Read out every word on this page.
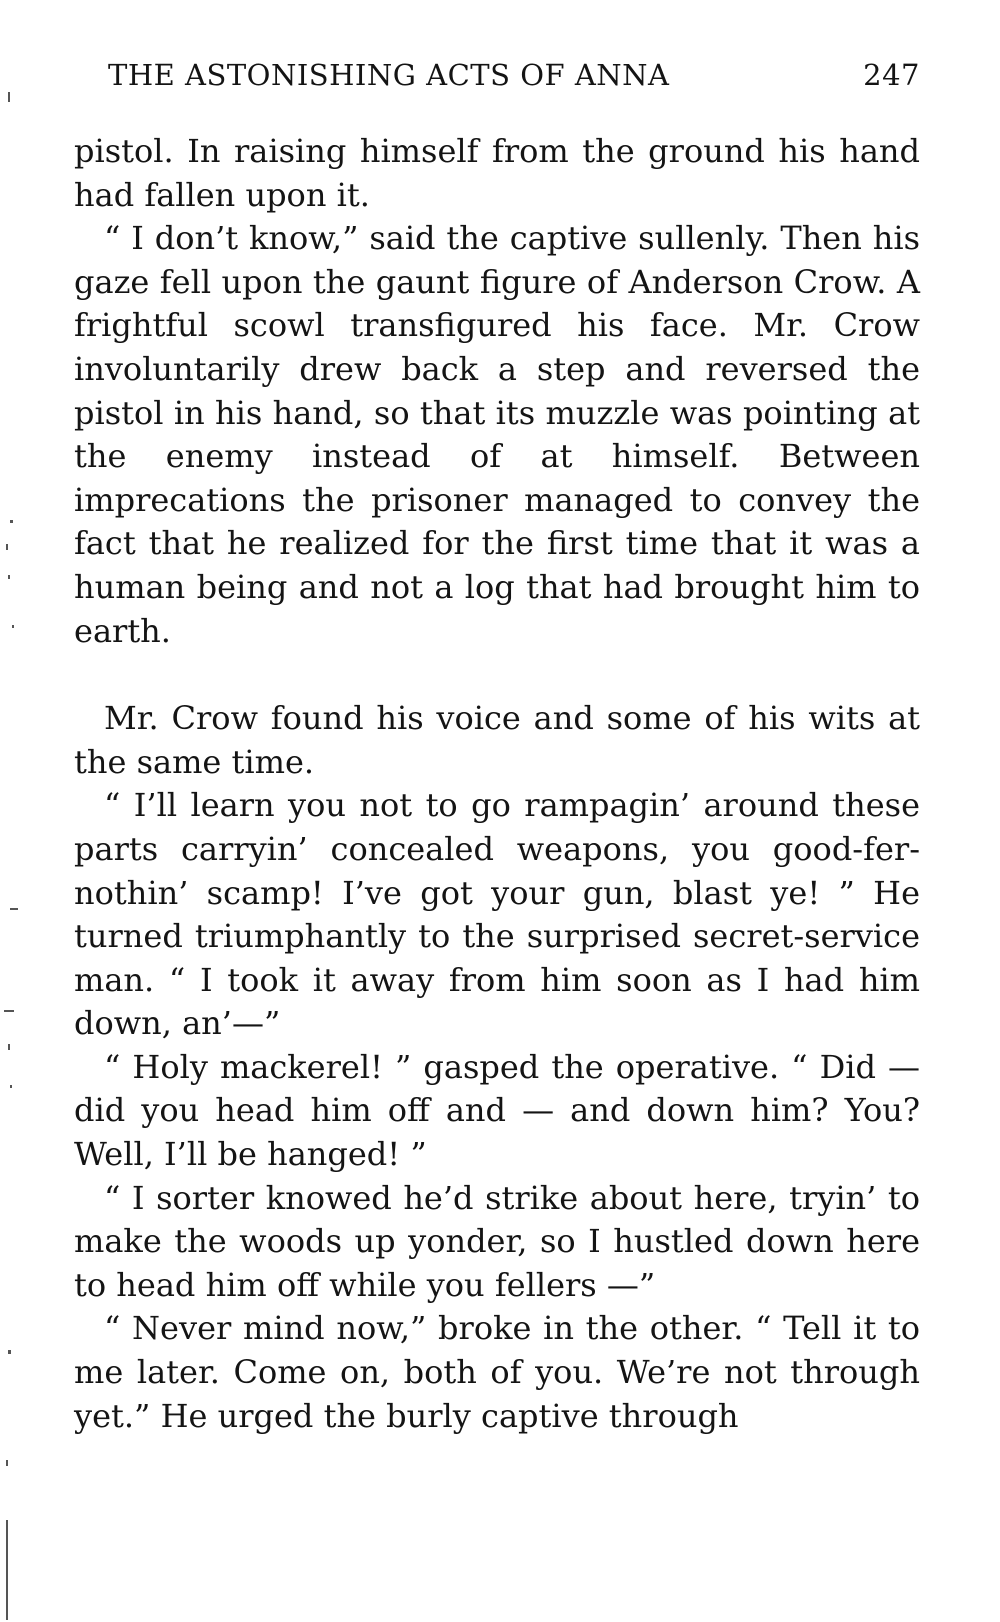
THE ASTONISHING ACTS OF ANNA	247

pistol. In raising himself from the ground his hand had fallen upon it.

“ I don’t know,” said the captive sullenly. Then his gaze fell upon the gaunt figure of Anderson Crow. A frightful scowl transfigured his face. Mr. Crow involuntarily drew back a step and reversed the pistol in his hand, so that its muzzle was pointing at the enemy instead of at himself. Between imprecations the prisoner managed to convey the fact that he realized for the first time that it was a human being and not a log that had brought him to earth.

Mr. Crow found his voice and some of his wits at the same time.

“ I’ll learn you not to go rampagin’ around these parts carryin’ concealed weapons, you good-fer-nothin’ scamp! I’ve got your gun, blast ye! ” He turned triumphantly to the surprised secret-service man. “ I took it away from him soon as I had him down, an’—”

“ Holy mackerel! ” gasped the operative. “ Did — did you head him off and — and down him? You? Well, I’ll be hanged! ”

“ I sorter knowed he’d strike about here, tryin’ to make the woods up yonder, so I hustled down here to head him off while you fellers —”

“ Never mind now,” broke in the other. “ Tell it to me later. Come on, both of you. We’re not through yet.” He urged the burly captive through
